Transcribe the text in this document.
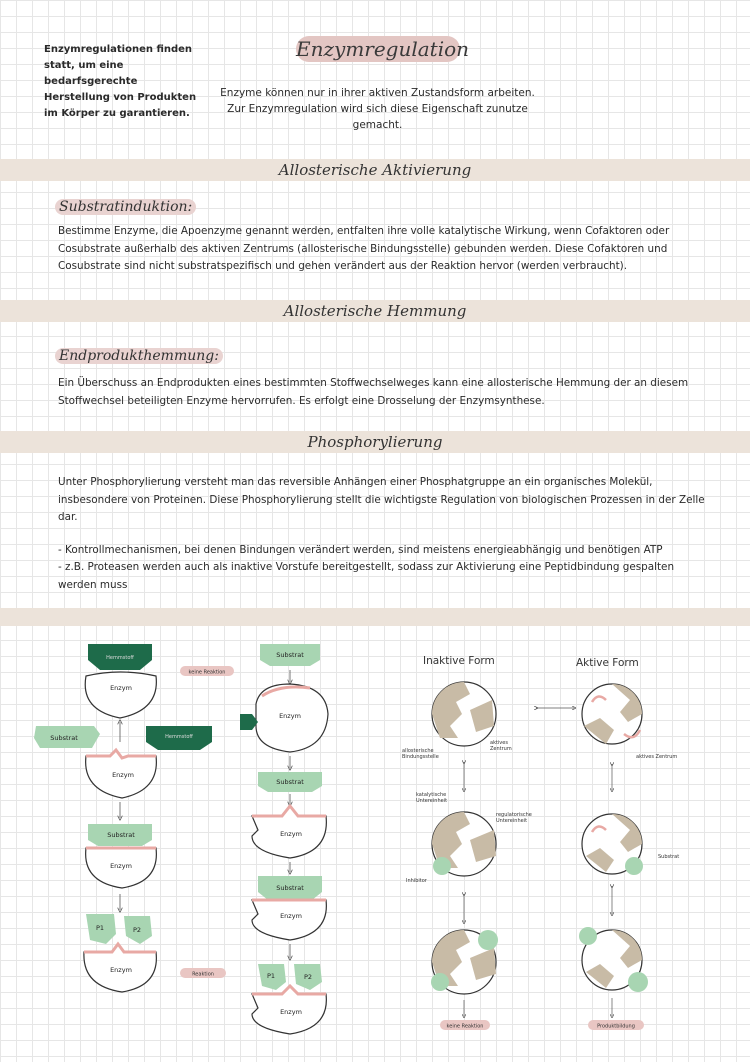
Enzymregulation
Enzymregulationen finden statt, um eine bedarfsgerechte Herstellung von Produkten im Körper zu garantieren.
Enzyme können nur in ihrer aktiven Zustandsform arbeiten. Zur Enzymregulation wird sich diese Eigenschaft zunutze gemacht.
Allosterische Aktivierung
Substratinduktion:
Bestimme Enzyme, die Apoenzyme genannt werden, entfalten ihre volle katalytische Wirkung, wenn Cofaktoren oder Cosubstrate außerhalb des aktiven Zentrums (allosterische Bindungsstelle) gebunden werden. Diese Cofaktoren und Cosubstrate sind nicht substratspezifisch und gehen verändert aus der Reaktion hervor (werden verbraucht).
Allosterische Hemmung
Endprodukthemmung:
Ein Überschuss an Endprodukten eines bestimmten Stoffwechselweges kann eine allosterische Hemmung der an diesem Stoffwechsel beteiligten Enzyme hervorrufen. Es erfolgt eine Drosselung der Enzymsynthese.
Phosphorylierung
Unter Phosphorylierung versteht man das reversible Anhängen einer Phosphatgruppe an ein organisches Molekül, insbesondere von Proteinen. Diese Phosphorylierung stellt die wichtigste Regulation von biologischen Prozessen in der Zelle dar.
- Kontrollmechanismen, bei denen Bindungen verändert werden, sind meistens energieabhängig und benötigen ATP
- z.B. Proteasen werden auch als inaktive Vorstufe bereitgestellt, sodass zur Aktivierung eine Peptidbindung gespalten werden muss
Inaktive Form	Aktive Form
Hemmstoff
Enzym
keine Reaktion
Substrat	Hemmstoff
Enzym
Substrat
Enzym
P1	P2
Enzym
Reaktion
Substrat
Enzym
Substrat
Enzym
Substrat
Enzym
P1	P2
Enzym
allosterische
Bindungsstelle
aktives
Zentrum
katalytische
Untereinheit
regulatorische
Untereinheit
Inhibitor
keine Reaktion
aktives Zentrum
Substrat
Produktbildung
